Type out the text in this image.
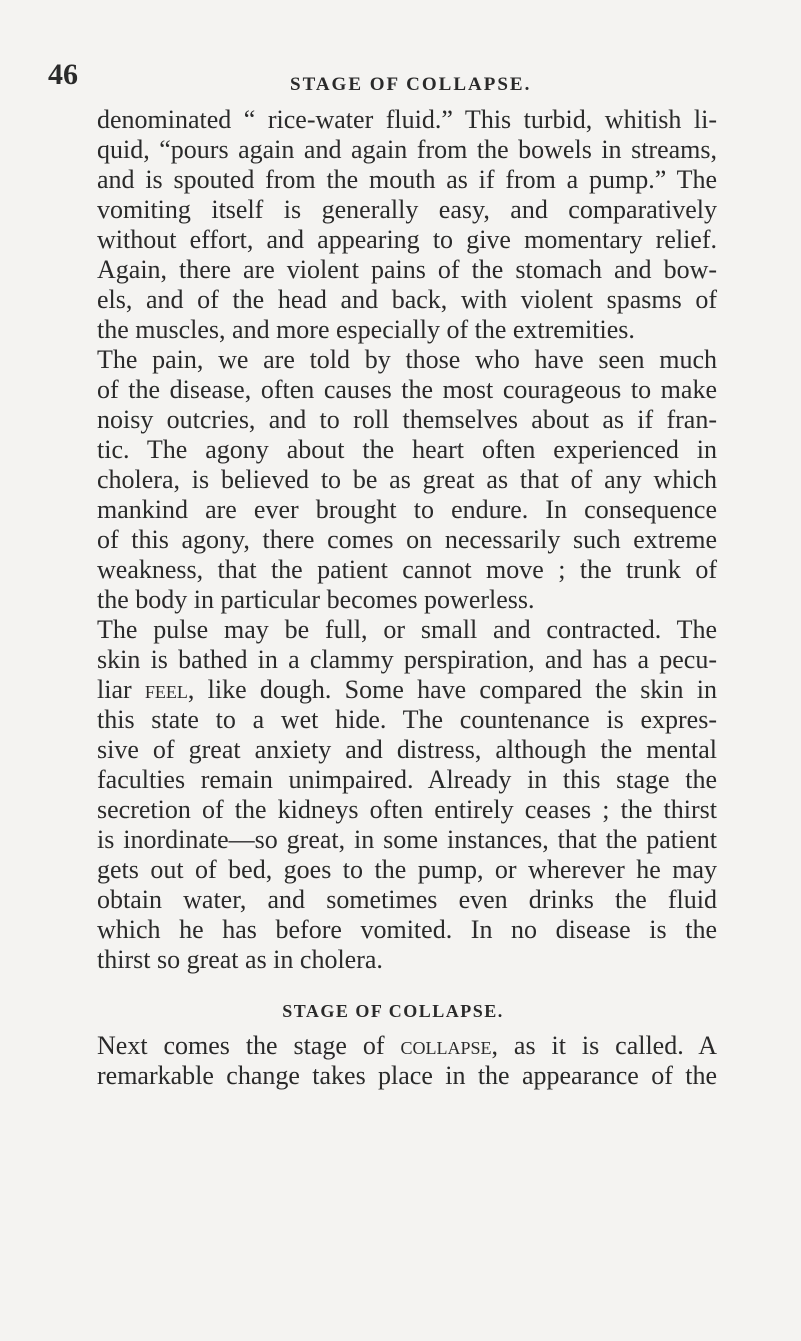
46	STAGE OF COLLAPSE.
denominated “ rice-water fluid.” This turbid, whitish li-
quid, “pours again and again from the bowels in streams,
and is spouted from the mouth as if from a pump.” The
vomiting itself is generally easy, and comparatively
without effort, and appearing to give momentary relief.
Again, there are violent pains of the stomach and bow-
els, and of the head and back, with violent spasms of
the muscles, and more especially of the extremities.
The pain, we are told by those who have seen much
of the disease, often causes the most courageous to make
noisy outcries, and to roll themselves about as if fran-
tic. The agony about the heart often experienced in
cholera, is believed to be as great as that of any which
mankind are ever brought to endure. In consequence
of this agony, there comes on necessarily such extreme
weakness, that the patient cannot move ; the trunk of
the body in particular becomes powerless.
The pulse may be full, or small and contracted. The
skin is bathed in a clammy perspiration, and has a pecu-
liar feel, like dough. Some have compared the skin in
this state to a wet hide. The countenance is expres-
sive of great anxiety and distress, although the mental
faculties remain unimpaired. Already in this stage the
secretion of the kidneys often entirely ceases ; the thirst
is inordinate—so great, in some instances, that the patient
gets out of bed, goes to the pump, or wherever he may
obtain water, and sometimes even drinks the fluid
which he has before vomited. In no disease is the
thirst so great as in cholera.
STAGE OF COLLAPSE.
Next comes the stage of collapse, as it is called. A
remarkable change takes place in the appearance of the
